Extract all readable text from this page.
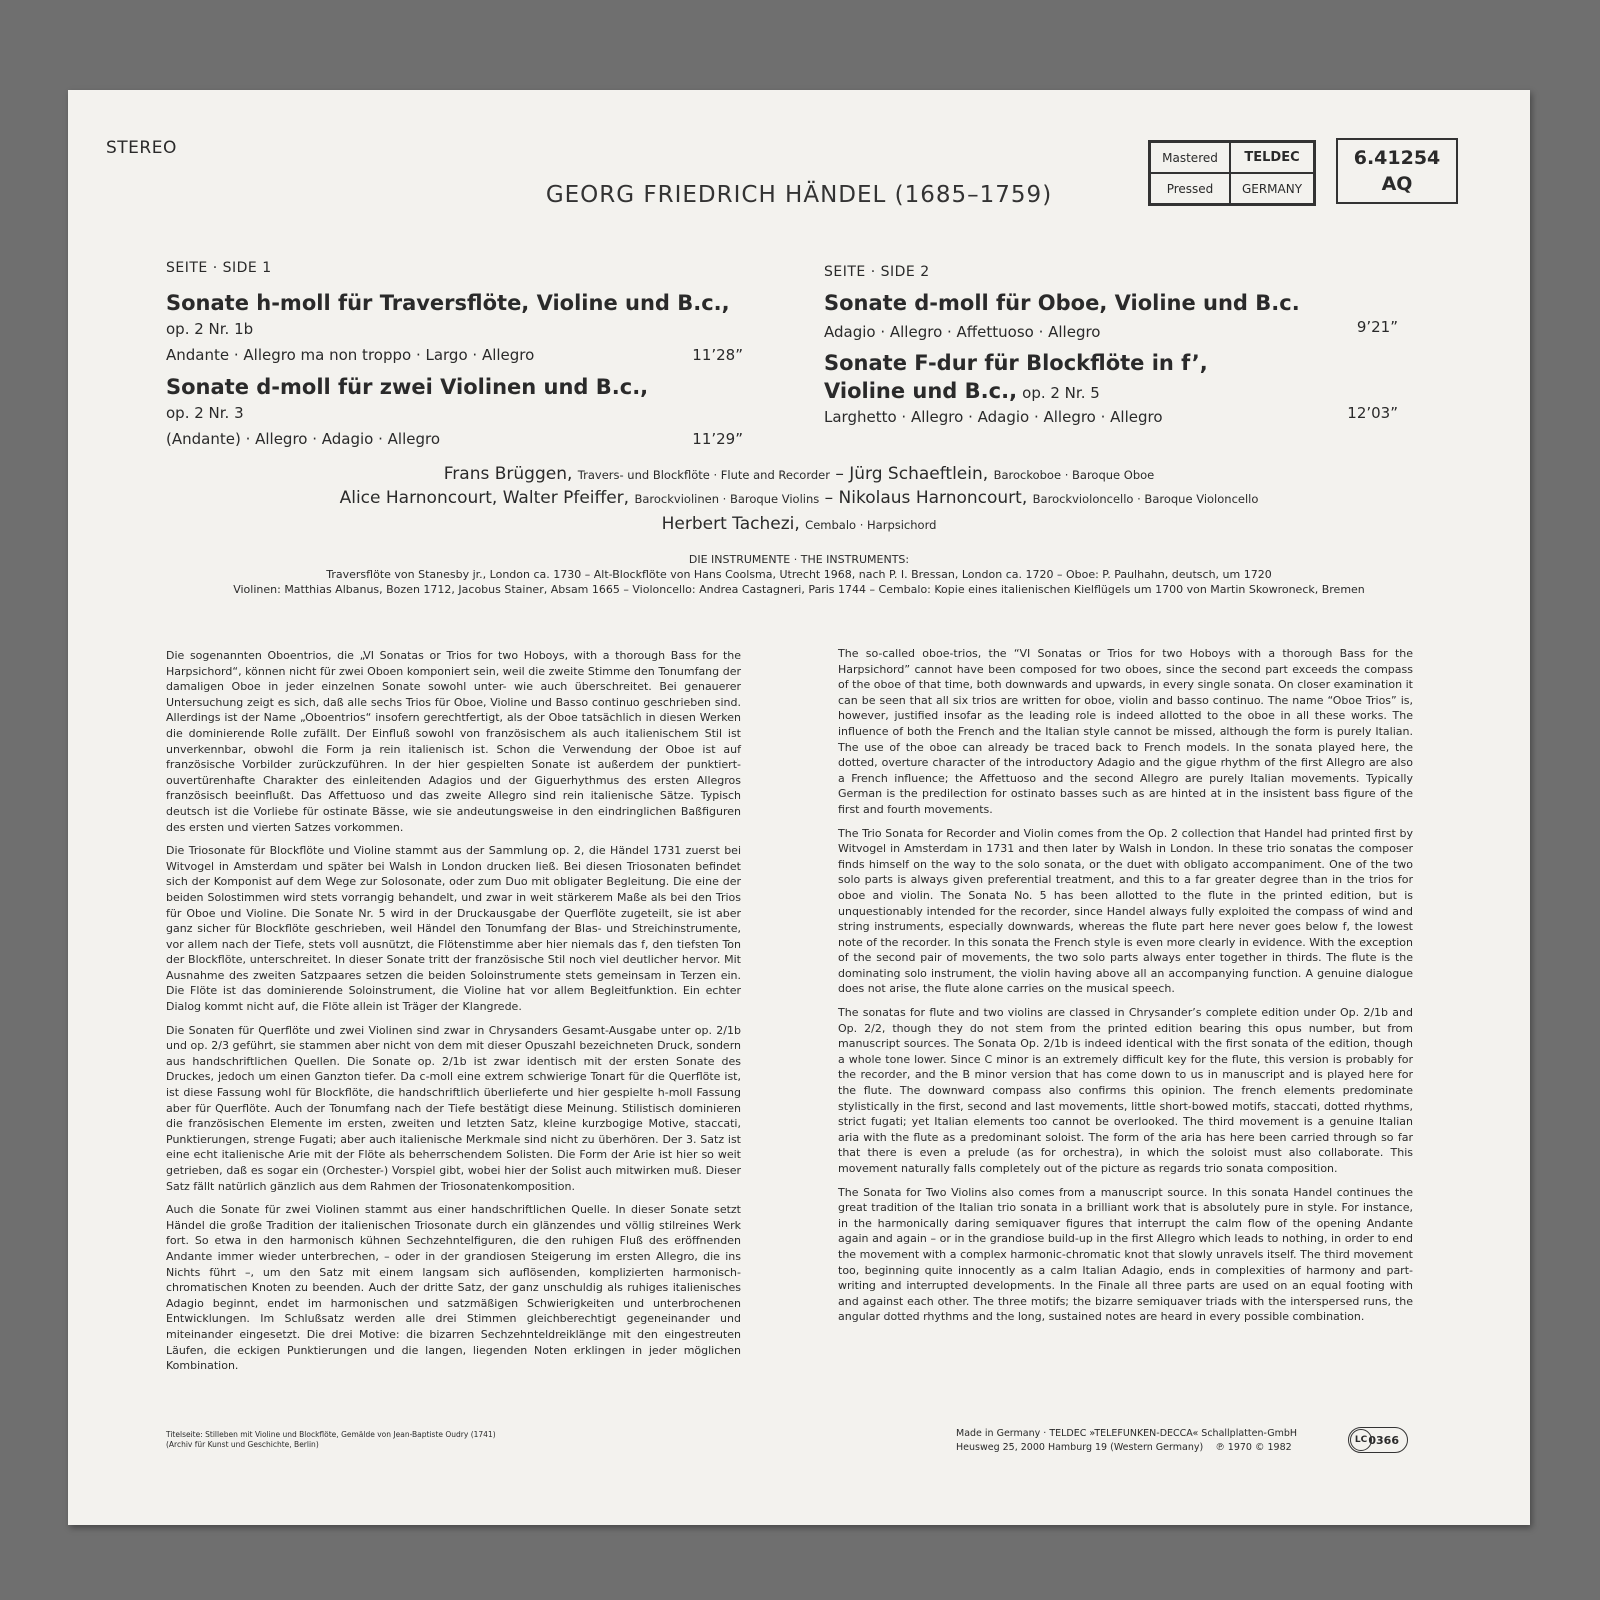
STEREO
GEORG FRIEDRICH HÄNDEL (1685–1759)
Mastered	TELDEC
Pressed	GERMANY
6.41254
AQ
SEITE · SIDE 1
Sonate h-moll für Traversflöte, Violine und B.c.,
op. 2 Nr. 1b
Andante · Allegro ma non troppo · Largo · Allegro	11’28”
Sonate d-moll für zwei Violinen und B.c.,
op. 2 Nr. 3
(Andante) · Allegro · Adagio · Allegro	11’29”
SEITE · SIDE 2
Sonate d-moll für Oboe, Violine und B.c.
Adagio · Allegro · Affettuoso · Allegro	9’21”
Sonate F-dur für Blockflöte in f’,
Violine und B.c., op. 2 Nr. 5
Larghetto · Allegro · Adagio · Allegro · Allegro	12’03”
Frans Brüggen, Travers- und Blockflöte · Flute and Recorder – Jürg Schaeftlein, Barockoboe · Baroque Oboe
Alice Harnoncourt, Walter Pfeiffer, Barockviolinen · Baroque Violins – Nikolaus Harnoncourt, Barockvioloncello · Baroque Violoncello
Herbert Tachezi, Cembalo · Harpsichord
DIE INSTRUMENTE · THE INSTRUMENTS:
Traversflöte von Stanesby jr., London ca. 1730 – Alt-Blockflöte von Hans Coolsma, Utrecht 1968, nach P. I. Bressan, London ca. 1720 – Oboe: P. Paulhahn, deutsch, um 1720
Violinen: Matthias Albanus, Bozen 1712, Jacobus Stainer, Absam 1665 – Violoncello: Andrea Castagneri, Paris 1744 – Cembalo: Kopie eines italienischen Kielflügels um 1700 von Martin Skowroneck, Bremen

Die sogenannten Oboentrios, die „VI Sonatas or Trios for two Hoboys, with a thorough Bass for the Harpsichord“, können nicht für zwei Oboen komponiert sein, weil die zweite Stimme den Tonumfang der damaligen Oboe in jeder einzelnen Sonate sowohl unter- wie auch überschreitet. Bei genauerer Untersuchung zeigt es sich, daß alle sechs Trios für Oboe, Violine und Basso continuo geschrieben sind. Allerdings ist der Name „Oboentrios“ insofern gerechtfertigt, als der Oboe tatsächlich in diesen Werken die dominierende Rolle zufällt. Der Einfluß sowohl von französischem als auch italienischem Stil ist unverkennbar, obwohl die Form ja rein italienisch ist. Schon die Verwendung der Oboe ist auf französische Vorbilder zurückzuführen. In der hier gespielten Sonate ist außerdem der punktiert-ouvertürenhafte Charakter des einleitenden Adagios und der Giguerhythmus des ersten Allegros französisch beeinflußt. Das Affettuoso und das zweite Allegro sind rein italienische Sätze. Typisch deutsch ist die Vorliebe für ostinate Bässe, wie sie andeutungsweise in den eindringlichen Baßfiguren des ersten und vierten Satzes vorkommen.

Die Triosonate für Blockflöte und Violine stammt aus der Sammlung op. 2, die Händel 1731 zuerst bei Witvogel in Amsterdam und später bei Walsh in London drucken ließ. Bei diesen Triosonaten befindet sich der Komponist auf dem Wege zur Solosonate, oder zum Duo mit obligater Begleitung. Die eine der beiden Solostimmen wird stets vorrangig behandelt, und zwar in weit stärkerem Maße als bei den Trios für Oboe und Violine. Die Sonate Nr. 5 wird in der Druckausgabe der Querflöte zugeteilt, sie ist aber ganz sicher für Blockflöte geschrieben, weil Händel den Tonumfang der Blas- und Streichinstrumente, vor allem nach der Tiefe, stets voll ausnützt, die Flötenstimme aber hier niemals das f, den tiefsten Ton der Blockflöte, unterschreitet. In dieser Sonate tritt der französische Stil noch viel deutlicher hervor. Mit Ausnahme des zweiten Satzpaares setzen die beiden Soloinstrumente stets gemeinsam in Terzen ein. Die Flöte ist das dominierende Soloinstrument, die Violine hat vor allem Begleitfunktion. Ein echter Dialog kommt nicht auf, die Flöte allein ist Träger der Klangrede.

Die Sonaten für Querflöte und zwei Violinen sind zwar in Chrysanders Gesamt-Ausgabe unter op. 2/1b und op. 2/3 geführt, sie stammen aber nicht von dem mit dieser Opuszahl bezeichneten Druck, sondern aus handschriftlichen Quellen. Die Sonate op. 2/1b ist zwar identisch mit der ersten Sonate des Druckes, jedoch um einen Ganzton tiefer. Da c-moll eine extrem schwierige Tonart für die Querflöte ist, ist diese Fassung wohl für Blockflöte, die handschriftlich überlieferte und hier gespielte h-moll Fassung aber für Querflöte. Auch der Tonumfang nach der Tiefe bestätigt diese Meinung. Stilistisch dominieren die französischen Elemente im ersten, zweiten und letzten Satz, kleine kurzbogige Motive, staccati, Punktierungen, strenge Fugati; aber auch italienische Merkmale sind nicht zu überhören. Der 3. Satz ist eine echt italienische Arie mit der Flöte als beherrschendem Solisten. Die Form der Arie ist hier so weit getrieben, daß es sogar ein (Orchester-) Vorspiel gibt, wobei hier der Solist auch mitwirken muß. Dieser Satz fällt natürlich gänzlich aus dem Rahmen der Triosonatenkomposition.

Auch die Sonate für zwei Violinen stammt aus einer handschriftlichen Quelle. In dieser Sonate setzt Händel die große Tradition der italienischen Triosonate durch ein glänzendes und völlig stilreines Werk fort. So etwa in den harmonisch kühnen Sechzehntelfiguren, die den ruhigen Fluß des eröffnenden Andante immer wieder unterbrechen, – oder in der grandiosen Steigerung im ersten Allegro, die ins Nichts führt –, um den Satz mit einem langsam sich auflösenden, komplizierten harmonisch-chromatischen Knoten zu beenden. Auch der dritte Satz, der ganz unschuldig als ruhiges italienisches Adagio beginnt, endet im harmonischen und satzmäßigen Schwierigkeiten und unterbrochenen Entwicklungen. Im Schlußsatz werden alle drei Stimmen gleichberechtigt gegeneinander und miteinander eingesetzt. Die drei Motive: die bizarren Sechzehnteldreiklänge mit den eingestreuten Läufen, die eckigen Punktierungen und die langen, liegenden Noten erklingen in jeder möglichen Kombination.

The so-called oboe-trios, the “VI Sonatas or Trios for two Hoboys with a thorough Bass for the Harpsichord” cannot have been composed for two oboes, since the second part exceeds the compass of the oboe of that time, both downwards and upwards, in every single sonata. On closer examination it can be seen that all six trios are written for oboe, violin and basso continuo. The name “Oboe Trios” is, however, justified insofar as the leading role is indeed allotted to the oboe in all these works. The influence of both the French and the Italian style cannot be missed, although the form is purely Italian. The use of the oboe can already be traced back to French models. In the sonata played here, the dotted, overture character of the introductory Adagio and the gigue rhythm of the first Allegro are also a French influence; the Affettuoso and the second Allegro are purely Italian movements. Typically German is the predilection for ostinato basses such as are hinted at in the insistent bass figure of the first and fourth movements.

The Trio Sonata for Recorder and Violin comes from the Op. 2 collection that Handel had printed first by Witvogel in Amsterdam in 1731 and then later by Walsh in London. In these trio sonatas the composer finds himself on the way to the solo sonata, or the duet with obligato accompaniment. One of the two solo parts is always given preferential treatment, and this to a far greater degree than in the trios for oboe and violin. The Sonata No. 5 has been allotted to the flute in the printed edition, but is unquestionably intended for the recorder, since Handel always fully exploited the compass of wind and string instruments, especially downwards, whereas the flute part here never goes below f, the lowest note of the recorder. In this sonata the French style is even more clearly in evidence. With the exception of the second pair of movements, the two solo parts always enter together in thirds. The flute is the dominating solo instrument, the violin having above all an accompanying function. A genuine dialogue does not arise, the flute alone carries on the musical speech.

The sonatas for flute and two violins are classed in Chrysander’s complete edition under Op. 2/1b and Op. 2/2, though they do not stem from the printed edition bearing this opus number, but from manuscript sources. The Sonata Op. 2/1b is indeed identical with the first sonata of the edition, though a whole tone lower. Since C minor is an extremely difficult key for the flute, this version is probably for the recorder, and the B minor version that has come down to us in manuscript and is played here for the flute. The downward compass also confirms this opinion. The french elements predominate stylistically in the first, second and last movements, little short-bowed motifs, staccati, dotted rhythms, strict fugati; yet Italian elements too cannot be overlooked. The third movement is a genuine Italian aria with the flute as a predominant soloist. The form of the aria has here been carried through so far that there is even a prelude (as for orchestra), in which the soloist must also collaborate. This movement naturally falls completely out of the picture as regards trio sonata composition.

The Sonata for Two Violins also comes from a manuscript source. In this sonata Handel continues the great tradition of the Italian trio sonata in a brilliant work that is absolutely pure in style. For instance, in the harmonically daring semiquaver figures that interrupt the calm flow of the opening Andante again and again – or in the grandiose build-up in the first Allegro which leads to nothing, in order to end the movement with a complex harmonic-chromatic knot that slowly unravels itself. The third movement too, beginning quite innocently as a calm Italian Adagio, ends in complexities of harmony and part-writing and interrupted developments. In the Finale all three parts are used on an equal footing with and against each other. The three motifs; the bizarre semiquaver triads with the interspersed runs, the angular dotted rhythms and the long, sustained notes are heard in every possible combination.

Titelseite: Stilleben mit Violine und Blockflöte, Gemälde von Jean-Baptiste Oudry (1741)
(Archiv für Kunst und Geschichte, Berlin)
Made in Germany · TELDEC »TELEFUNKEN-DECCA« Schallplatten-GmbH
Heusweg 25, 2000 Hamburg 19 (Western Germany) ℗ 1970 © 1982
0366
LC
